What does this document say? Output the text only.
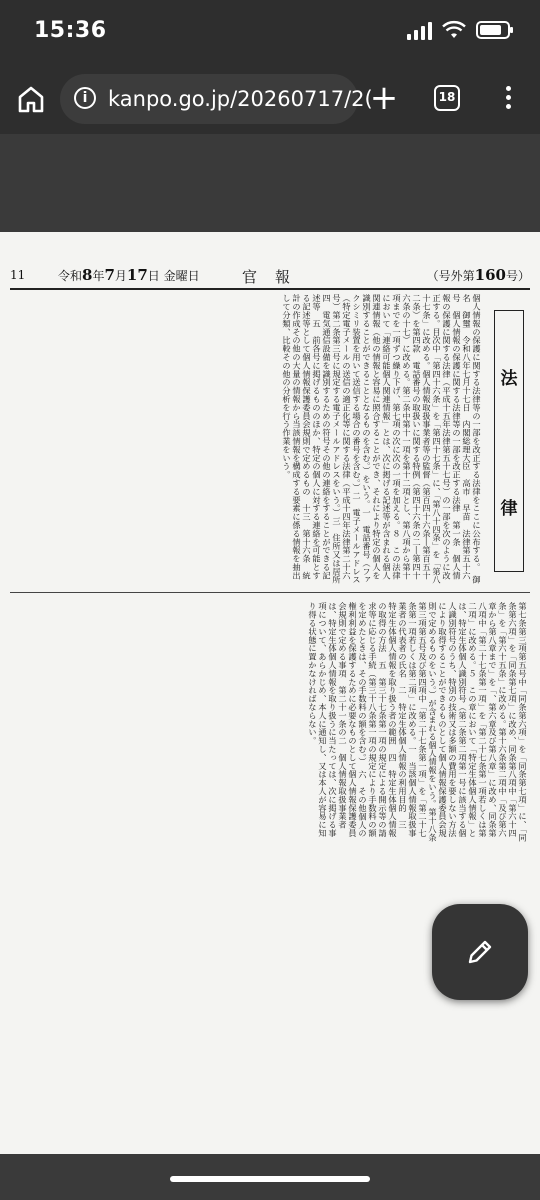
15:36
i kanpo.go.jp/20260717/2(
+	18
11	令和8年7月17日 金曜日	官報	（号外第160号）
法
律
個人情報の保護に関する法律等の一部を改正する法律をここに公布する。　御名　御璽　令和八年七月十七日　内閣総理大臣　高市　早苗　法律第五十六号　個人情報の保護に関する法律等の一部を改正する法律　第一条　個人情報の保護に関する法律（平成十五年法律第五十七号）の一部を次のように改正する。目次中「第四十六条」を「第四十七条」に、「第八十四条」を「第八十七条」に改める。個人情報取扱事業者等の監督（第百四十六条―第百五十二条）を第四款　電話番号の取扱いに関する特例（第四十六条の二―第四十六条の十七）に改める。第二条中第十一項を第十二項とし、第八項から第十項までを一項ずつ繰り下げ、第七項の次に次の一項を加える。８　この法律において「連絡可能個人関連情報」とは、次に掲げる記述等が含まれる個人関連情報（他の情報と容易に照合することができ、それにより特定の個人を識別することができることとなるものを含む。）をいう。一　電話番号（ファクシミリ装置を用いて送信する場合の番号を含む。）二　電子メールアドレス（特定電子メールの送信の適正化等に関する法律（平成十四年法律第二十六号）第二条第三号に規定する電子メールアドレスをいう。）三　住所又は居所　四　電気通信設備を識別するための符号その他の連絡をすることができる記述等　五　前各号に掲げるもののほか、特定の個人に対する連絡を可能とする記述等として個人情報保護委員会規則で定めるもの　十三　第十六条　統計の作成その他の大量の情報から当該情報を構成する要素に係る情報を抽出して分類、比較その他の分析を行う作業をいう。
第七条第三項第五号中「同条第六項」を「同条第七項」に、「同条第六項」を「同条第七項」に改め、同条第八項中「第六十四条」を「第六十五条」に改める。第十六条第二項中「及び第六章から第八章まで」を「、第六章及び第八章」に改め、同条第八項中「第二十七条第一項」を「第二十七条第一項若しくは第二項」に改める。５　この章において「特定生体個人情報」とは、特定生体個人識別符号（第二条第二項第一号に該当する個人識別符号のうち、特別の技術又は多額の費用を要しない方法により取得することができるものとして個人情報保護委員会規則で定めるものをいう。）が含まれる個人情報をいう。第十八条第三項第五号及び第四項中「第二十七条第一項」を「第二十七条第一項若しくは第二項」に改める。一　当該個人情報取扱事業者の代表者の氏名　二　特定生体個人情報の利用目的　三　特定生体個人情報を取り扱う者の範囲　四　特定生体個人情報の取得の方法　五　第三十七条第一項の規定による開示等の請求等に応じる手続（第三十八条第一項の規定により手数料の額を定めたときは、その手数料の額を含む。）　六　その他個人の権利利益を保護するために必要なものとして個人情報保護委員会規則で定める事項　第二十一条の二　個人情報取扱事業者は、特定生体個人情報を取り扱うに当たっては、次に掲げる事項について、あらかじめ、本人に通知し、又は本人が容易に知り得る状態に置かなければならない。
